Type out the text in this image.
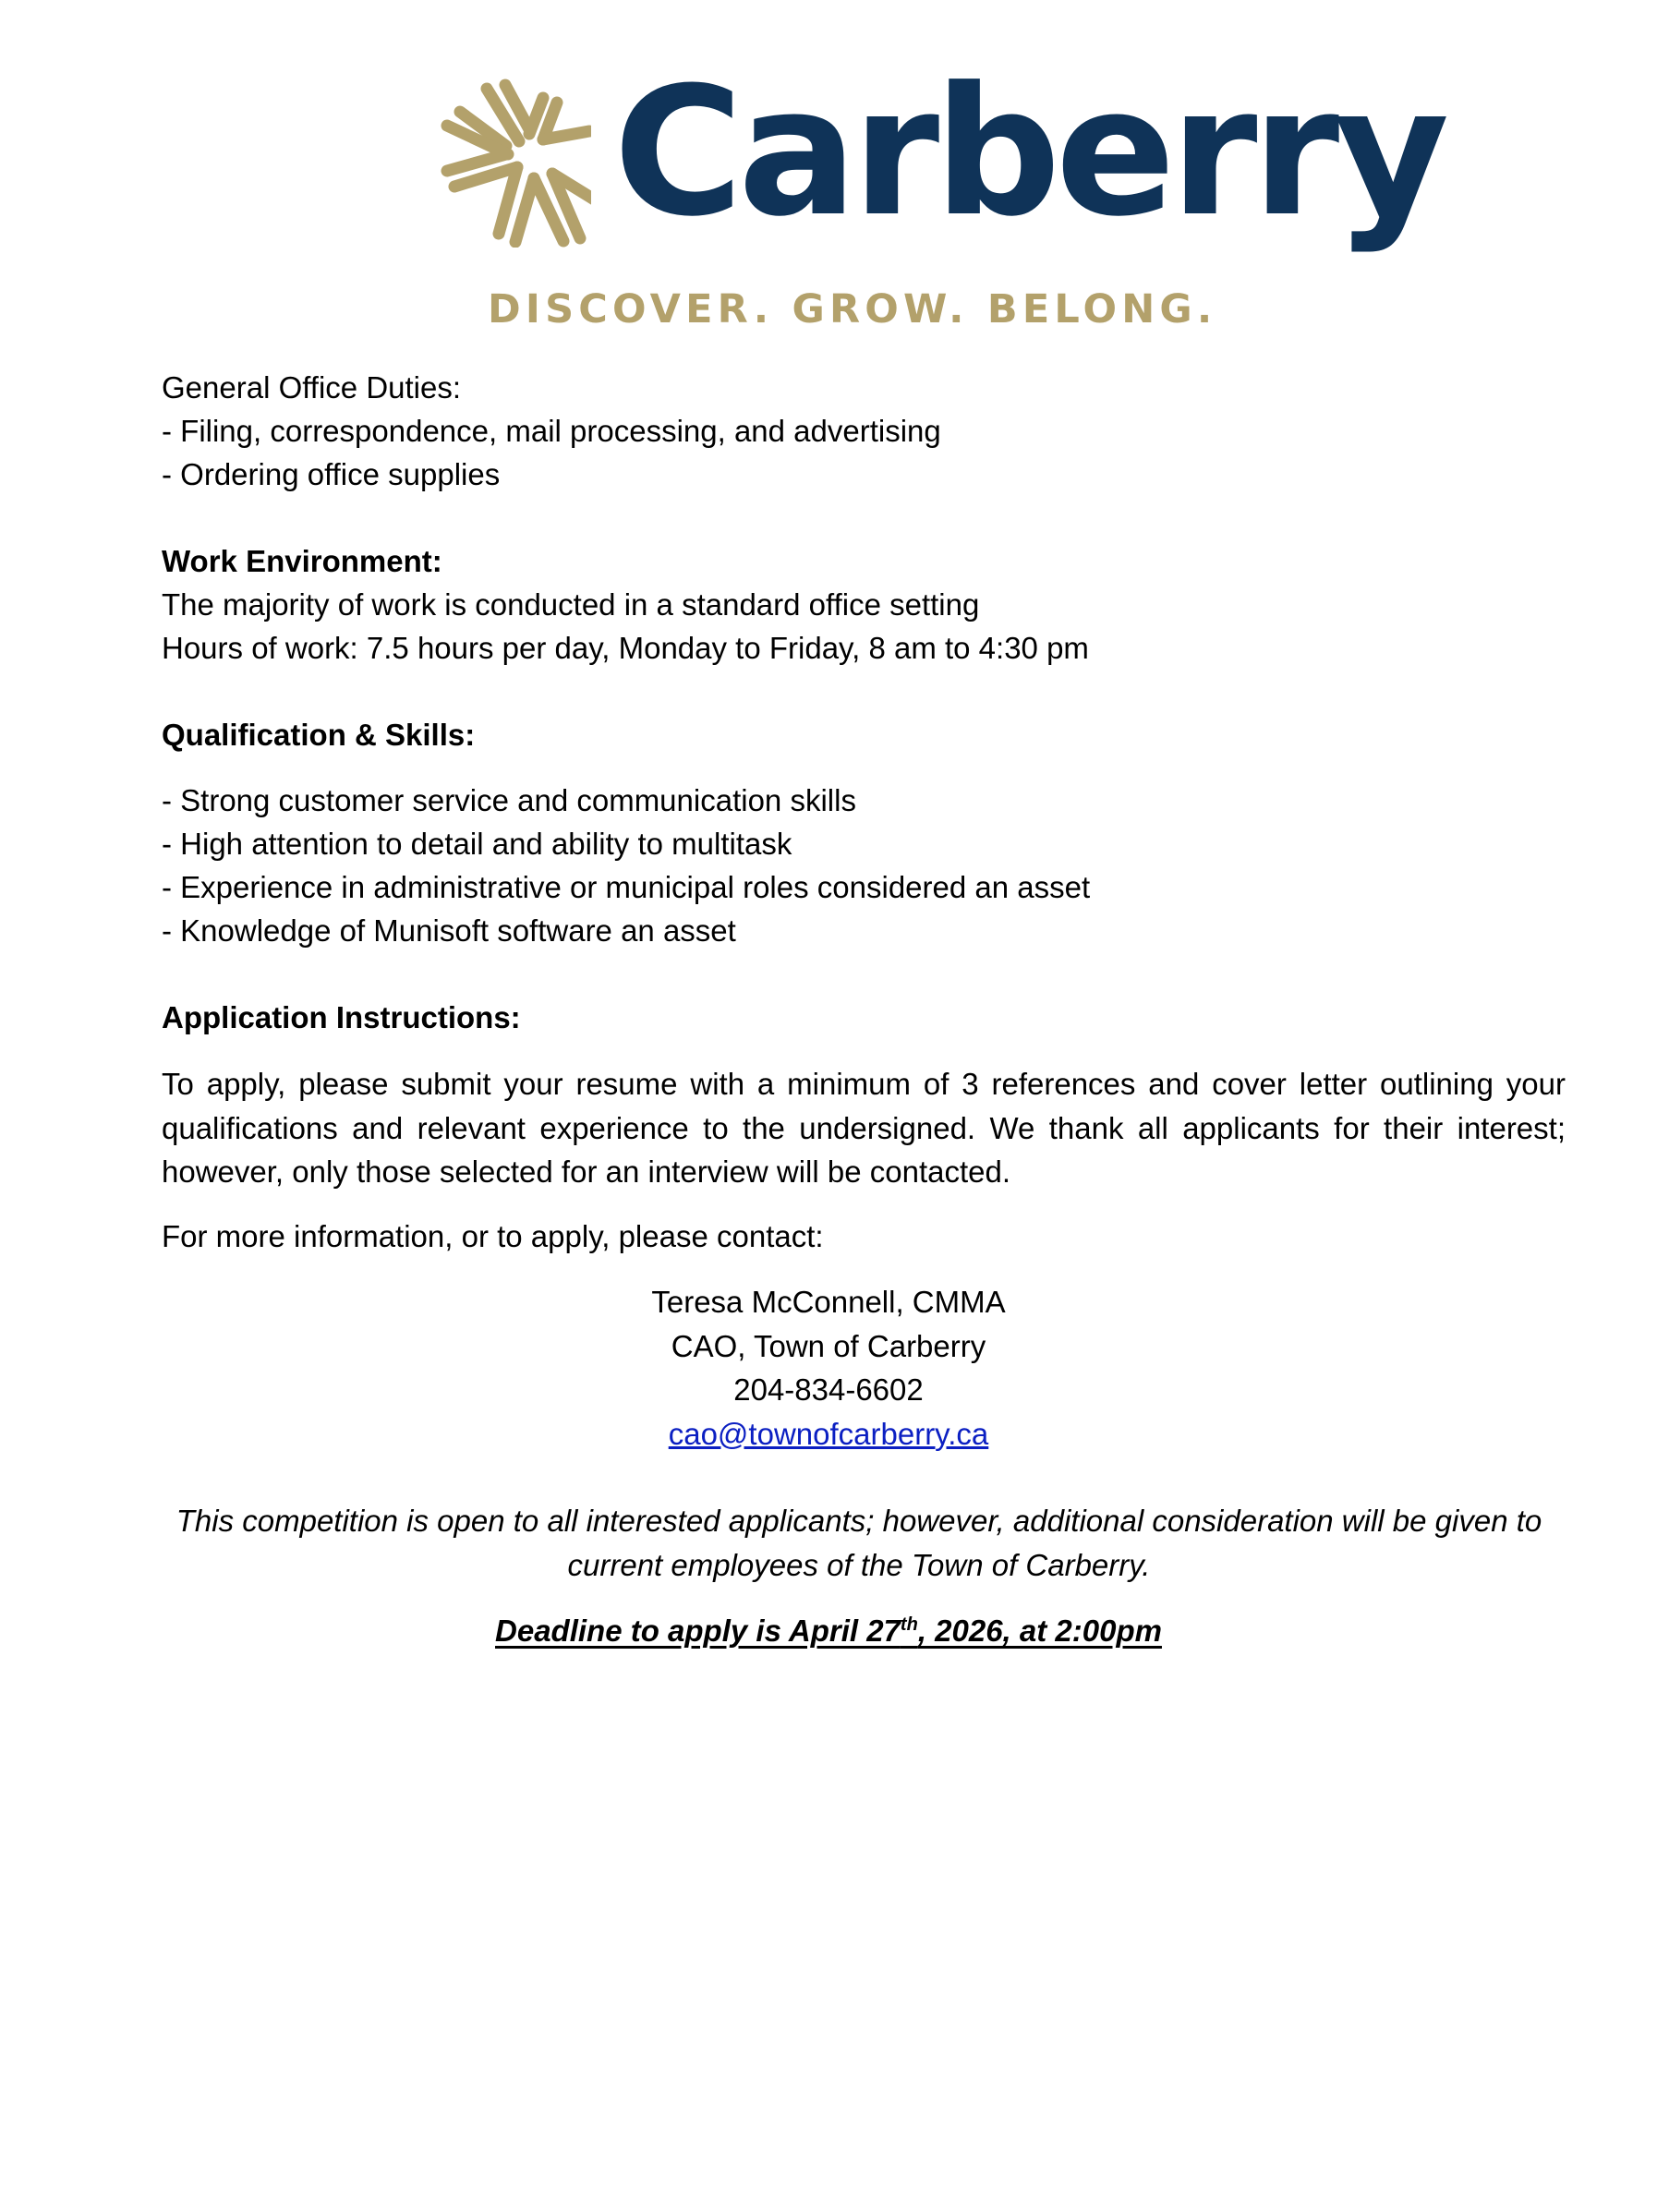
Carberry
DISCOVER. GROW. BELONG.
General Office Duties:
- Filing, correspondence, mail processing, and advertising
- Ordering office supplies
Work Environment:
The majority of work is conducted in a standard office setting
Hours of work: 7.5 hours per day, Monday to Friday, 8 am to 4:30 pm
Qualification & Skills:
- Strong customer service and communication skills
- High attention to detail and ability to multitask
- Experience in administrative or municipal roles considered an asset
- Knowledge of Munisoft software an asset
Application Instructions:
To apply, please submit your resume with a minimum of 3 references and cover letter outlining your qualifications and relevant experience to the undersigned. We thank all applicants for their interest; however, only those selected for an interview will be contacted.
For more information, or to apply, please contact:
Teresa McConnell, CMMA
CAO, Town of Carberry
204-834-6602
cao@townofcarberry.ca
This competition is open to all interested applicants; however, additional consideration will be given to current employees of the Town of Carberry.
Deadline to apply is April 27th, 2026, at 2:00pm
